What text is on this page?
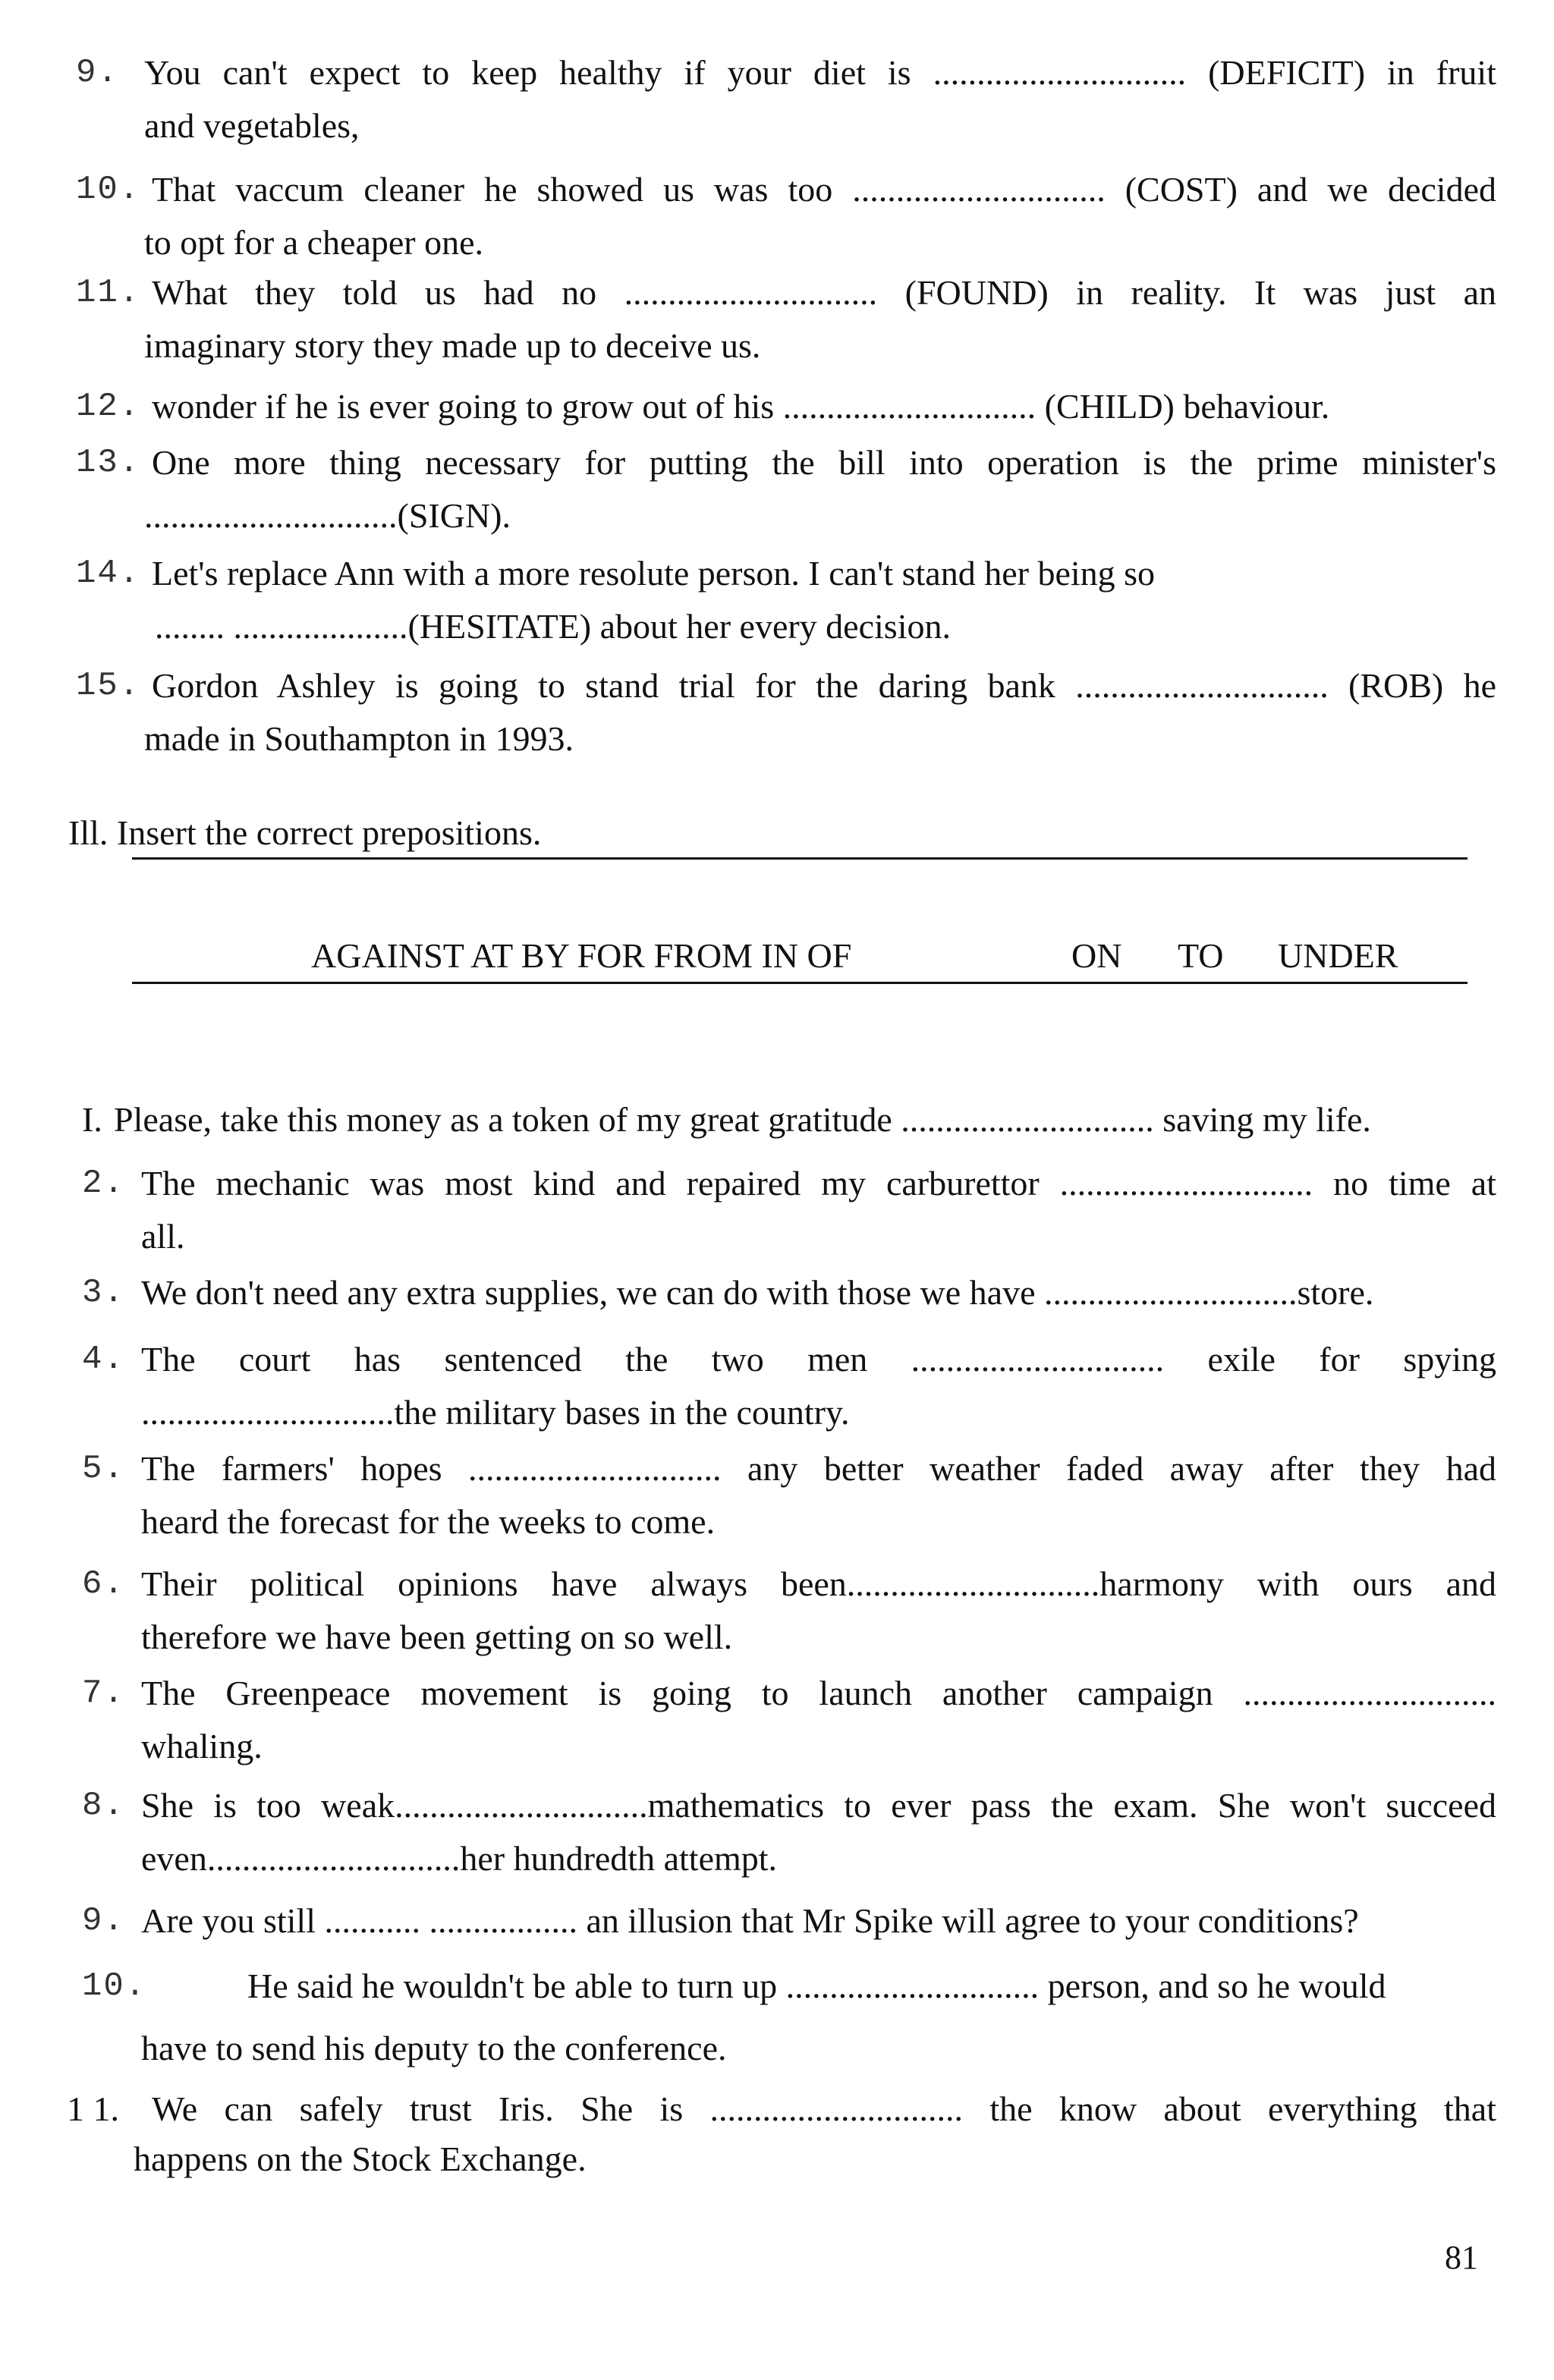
9. You can't expect to keep healthy if your diet is ............................. (DEFICIT) in fruit
and vegetables,
10. That vaccum cleaner he showed us was too ............................. (COST) and we decided
to opt for a cheaper one.
11. What they told us had no ............................. (FOUND) in reality. It was just an
imaginary story they made up to deceive us.
12. wonder if he is ever going to grow out of his ............................. (CHILD) behaviour.
13. One more thing necessary for putting the bill into operation is the prime minister's
.............................(SIGN).
14. Let's replace Ann with a more resolute person. I can't stand her being so
........ ....................(HESITATE) about her every decision.
15. Gordon Ashley is going to stand trial for the daring bank ............................. (ROB) he
made in Southampton in 1993.
Ill. Insert the correct prepositions.
AGAINST AT BY FOR FROM IN OF	ON TO UNDER
I. Please, take this money as a token of my great gratitude ............................. saving my life.
2. The mechanic was most kind and repaired my carburettor ............................. no time at
all.
3. We don't need any extra supplies, we can do with those we have .............................store.
4. The court has sentenced the two men ............................. exile for spying
.............................the military bases in the country.
5. The farmers' hopes ............................. any better weather faded away after they had
heard the forecast for the weeks to come.
6. Their political opinions have always been.............................harmony with ours and
therefore we have been getting on so well.
7. The Greenpeace movement is going to launch another campaign .............................
whaling.
8. She is too weak.............................mathematics to ever pass the exam. She won't succeed
even.............................her hundredth attempt.
9. Are you still ........... ................. an illusion that Mr Spike will agree to your conditions?
10.	He said he wouldn't be able to turn up ............................. person, and so he would
have to send his deputy to the conference.
1 1. We can safely trust Iris. She is ............................. the know about everything that
happens on the Stock Exchange.
81
